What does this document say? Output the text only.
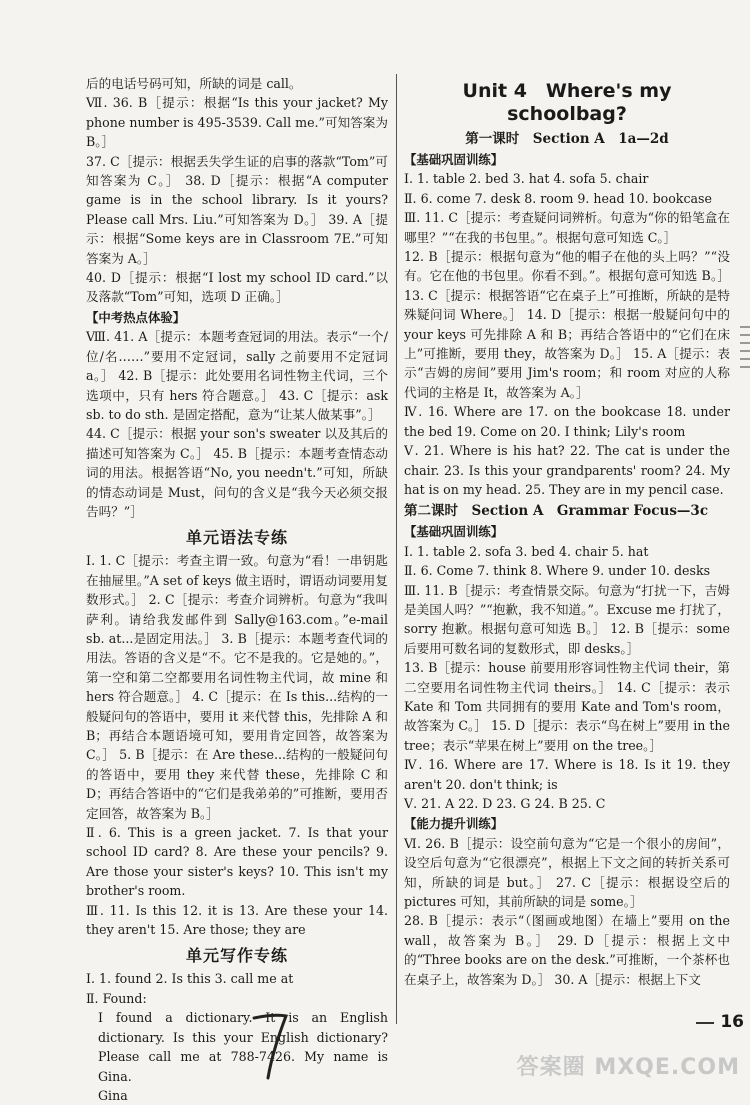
后的电话号码可知，所缺的词是 call。

Ⅶ. 36. B［提示：根据“Is this your jacket? My phone number is 495-3539. Call me.”可知答案为 B。］

37. C［提示：根据丢失学生证的启事的落款“Tom”可知答案为 C。］ 38. D［提示：根据“A computer game is in the school library. Is it yours? Please call Mrs. Liu.”可知答案为 D。］ 39. A［提示：根据“Some keys are in Classroom 7E.”可知答案为 A。］

40. D［提示：根据“I lost my school ID card.”以及落款“Tom”可知，选项 D 正确。］

【中考热点体验】

Ⅷ. 41. A［提示：本题考查冠词的用法。表示“一个/位/名……”要用不定冠词，sally 之前要用不定冠词 a。］ 42. B［提示：此处要用名词性物主代词，三个选项中，只有 hers 符合题意。］ 43. C［提示：ask sb. to do sth. 是固定搭配，意为“让某人做某事”。］

44. C［提示：根据 your son's sweater 以及其后的描述可知答案为 C。］ 45. B［提示：本题考查情态动词的用法。根据答语“No, you needn't.”可知，所缺的情态动词是 Must，问句的含义是“我今天必须交报告吗？”］

单元语法专练

Ⅰ. 1. C［提示：考查主谓一致。句意为“看！一串钥匙在抽屉里。”A set of keys 做主语时，谓语动词要用复数形式。］ 2. C［提示：考查介词辨析。句意为“我叫萨利。请给我发邮件到 Sally@163.com。”e-mail sb. at...是固定用法。］ 3. B［提示：本题考查代词的用法。答语的含义是“不。它不是我的。它是她的。”，第一空和第二空都要用名词性物主代词，故 mine 和 hers 符合题意。］ 4. C［提示：在 Is this...结构的一般疑问句的答语中，要用 it 来代替 this，先排除 A 和 B；再结合本题语境可知，要用肯定回答，故答案为 C。］ 5. B［提示：在 Are these...结构的一般疑问句的答语中，要用 they 来代替 these，先排除 C 和 D；再结合答语中的“它们是我弟弟的”可推断，要用否定回答，故答案为 B。］

Ⅱ. 6. This is a green jacket. 7. Is that your school ID card? 8. Are these your pencils? 9. Are those your sister's keys? 10. This isn't my brother's room.

Ⅲ. 11. Is this 12. it is 13. Are these your 14. they aren't 15. Are those; they are

单元写作专练

Ⅰ. 1. found 2. Is this 3. call me at

Ⅱ. Found:

I found a dictionary. It is an English dictionary. Is this your English dictionary? Please call me at 788-7426. My name is Gina.

Gina

Unit 4　Where's my schoolbag?
第一课时　Section A　1a—2d

【基础巩固训练】

Ⅰ. 1. table 2. bed 3. hat 4. sofa 5. chair

Ⅱ. 6. come 7. desk 8. room 9. head 10. bookcase

Ⅲ. 11. C［提示：考查疑问词辨析。句意为“你的铅笔盒在哪里？”“在我的书包里。”。根据句意可知选 C。］

12. B［提示：根据句意为“他的帽子在他的头上吗？”“没有。它在他的书包里。你看不到。”。根据句意可知选 B。］ 13. C［提示：根据答语“它在桌子上”可推断，所缺的是特殊疑问词 Where。］ 14. D［提示：根据一般疑问句中的 your keys 可先排除 A 和 B；再结合答语中的“它们在床上”可推断，要用 they，故答案为 D。］ 15. A［提示：表示“吉姆的房间”要用 Jim's room；和 room 对应的人称代词的主格是 It，故答案为 A。］

Ⅳ. 16. Where are 17. on the bookcase 18. under the bed 19. Come on 20. I think; Lily's room

Ⅴ. 21. Where is his hat? 22. The cat is under the chair. 23. Is this your grandparents' room? 24. My hat is on my head. 25. They are in my pencil case.

第二课时　Section A　Grammar Focus—3c

【基础巩固训练】

Ⅰ. 1. table 2. sofa 3. bed 4. chair 5. hat

Ⅱ. 6. Come 7. think 8. Where 9. under 10. desks

Ⅲ. 11. B［提示：考查情景交际。句意为“打扰一下，吉姆是美国人吗？”“抱歉，我不知道。”。Excuse me 打扰了，sorry 抱歉。根据句意可知选 B。］ 12. B［提示：some 后要用可数名词的复数形式，即 desks。］

13. B［提示：house 前要用形容词性物主代词 their，第二空要用名词性物主代词 theirs。］ 14. C［提示：表示 Kate 和 Tom 共同拥有的要用 Kate and Tom's room，故答案为 C。］ 15. D［提示：表示“鸟在树上”要用 in the tree；表示“苹果在树上”要用 on the tree。］

Ⅳ. 16. Where are 17. Where is 18. Is it 19. they aren't 20. don't think; is

Ⅴ. 21. A 22. D 23. G 24. B 25. C

【能力提升训练】

Ⅵ. 26. B［提示：设空前句意为“它是一个很小的房间”，设空后句意为“它很漂亮”，根据上下文之间的转折关系可知，所缺的词是 but。］ 27. C［提示：根据设空后的 pictures 可知，其前所缺的词是 some。］

28. B［提示：表示“（图画或地图）在墙上”要用 on the wall，故答案为 B。］ 29. D［提示：根据上文中的“Three books are on the desk.”可推断，一个茶杯也在桌子上，故答案为 D。］ 30. A［提示：根据上下文

16
答案圈 MXQE.COM
